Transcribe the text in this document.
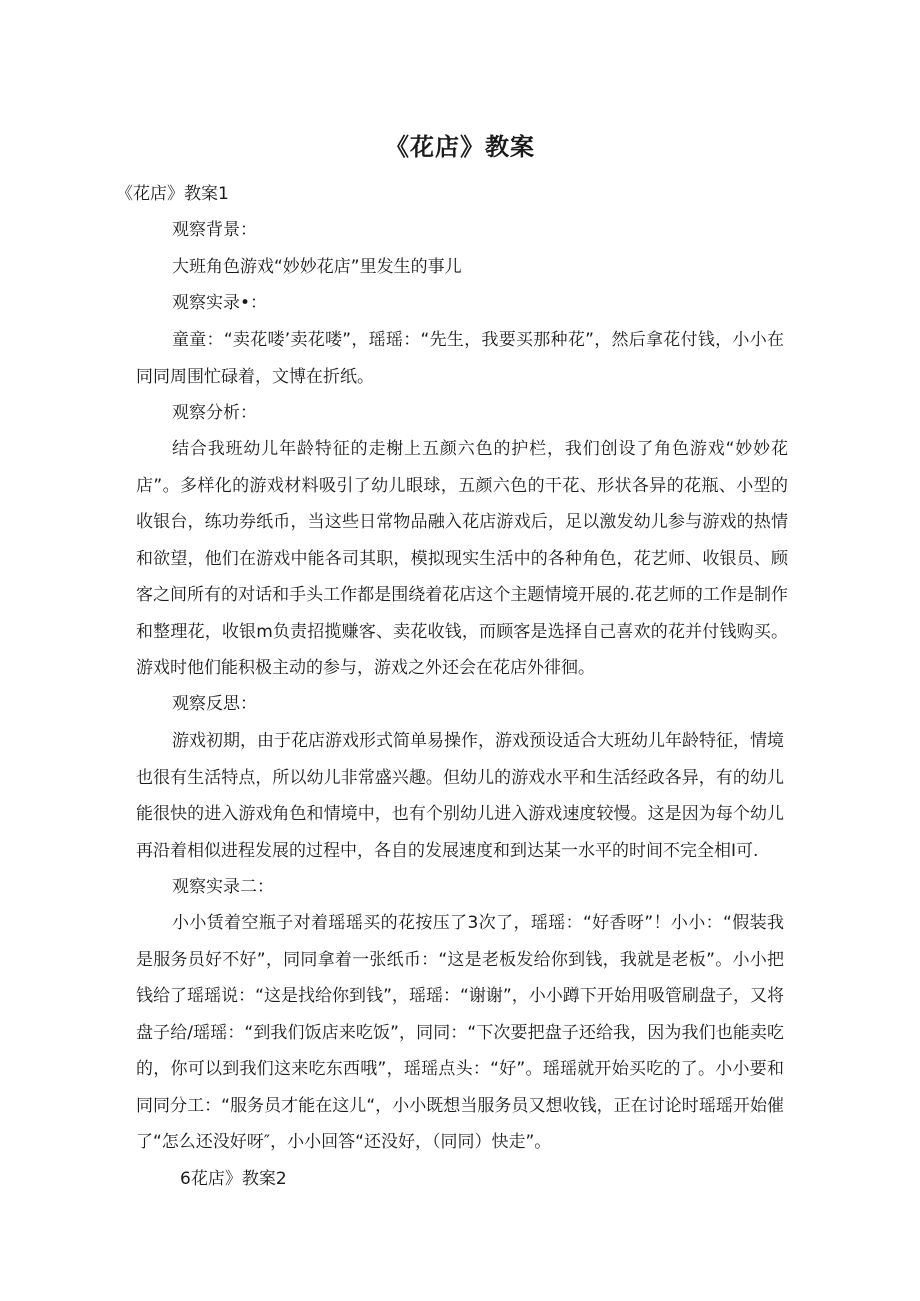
《花店》教案
《花店》教案1
观察背景：
大班角色游戏“妙妙花店”里发生的事儿
观察实录•：
童童：“卖花喽’卖花喽”，瑶瑶：“先生，我要买那种花”，然后拿花付钱，小小在同同周围忙碌着，文博在折纸。
观察分析：
结合我班幼儿年龄特征的走榭上五颜六色的护栏，我们创设了角色游戏“妙妙花店”。多样化的游戏材料吸引了幼儿眼球，五颜六色的干花、形状各异的花瓶、小型的收银台，练功券纸币，当这些日常物品融入花店游戏后，足以激发幼儿参与游戏的热情和欲望，他们在游戏中能各司其职，模拟现实生活中的各种角色，花艺师、收银员、顾客之间所有的对话和手头工作都是围绕着花店这个主题情境开展的.花艺师的工作是制作和整理花，收银m负责招揽赚客、卖花收钱，而顾客是选择自己喜欢的花并付钱购买。游戏时他们能积极主动的参与，游戏之外还会在花店外徘徊。
观察反思：
游戏初期，由于花店游戏形式简单易操作，游戏预设适合大班幼儿年龄特征，情境也很有生活特点，所以幼儿非常盛兴趣。但幼儿的游戏水平和生活经政各异，有的幼儿能很快的进入游戏角色和情境中，也有个别幼儿进入游戏速度较慢。这是因为每个幼儿再沿着相似进程发展的过程中，各自的发展速度和到达某一水平的时间不完全相I可.
观察实录二：
小小赁着空瓶子对着瑶瑶买的花按压了3次了，瑶瑶：“好香呀”！小小：“假装我是服务员好不好”，同同拿着一张纸币：“这是老板发给你到钱，我就是老板”。小小把钱给了瑶瑶说：“这是找给你到钱”，瑶瑶：“谢谢”，小小蹲下开始用吸管刷盘子，又将盘子给/瑶瑶：“到我们饭店来吃饭”，同同：“下次要把盘子还给我，因为我们也能卖吃的，你可以到我们这来吃东西哦”，瑶瑶点头：“好”。瑶瑶就开始买吃的了。小小要和同同分工：“服务员才能在这儿“，小小既想当服务员又想收钱，正在讨论时瑶瑶开始催了“怎么还没好呀″，小小回答“还没好，（同同）快走”。
6花店》教案2
